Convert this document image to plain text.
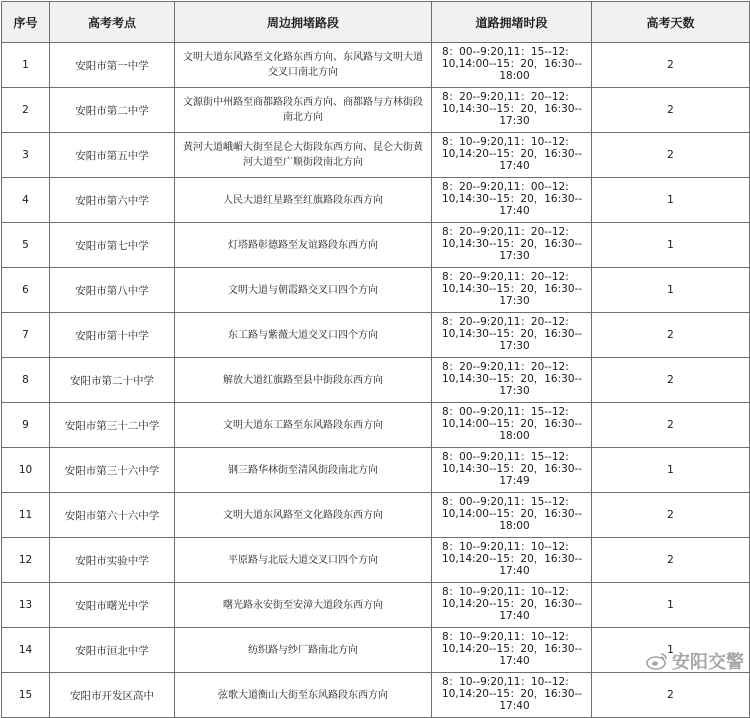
序号	高考考点	周边拥堵路段	道路拥堵时段	高考天数
1	安阳市第一中学	文明大道东风路至文化路东西方向、东风路与文明大道交叉口南北方向	8：00--9:20,11：15--12:
10,14:00--15：20，16:30--
18:00	2
2	安阳市第二中学	文源街中州路至商都路段东西方向、商都路与方林街段南北方向	8：20--9:20,11：20--12:
10,14:30--15：20，16:30--
17:30	2
3	安阳市第五中学	黄河大道峨嵋大街至昆仑大街段东西方向、昆仑大街黄河大道至广顺街段南北方向	8：10--9:20,11：10--12:
10,14:20--15：20，16:30--
17:40	2
4	安阳市第六中学	人民大道红星路至红旗路段东西方向	8：20--9:20,11：00--12:
10,14:30--15：20，16:30--
17:40	1
5	安阳市第七中学	灯塔路彰德路至友谊路段东西方向	8：20--9:20,11：20--12:
10,14:30--15：20，16:30--
17:30	1
6	安阳市第八中学	文明大道与朝霞路交叉口四个方向	8：20--9:20,11：20--12:
10,14:30--15：20，16:30--
17:30	1
7	安阳市第十中学	东工路与紫薇大道交叉口四个方向	8：20--9:20,11：20--12:
10,14:30--15：20，16:30--
17:30	2
8	安阳市第二十中学	解放大道红旗路至县中街段东西方向	8：20--9:20,11：20--12:
10,14:30--15：20，16:30--
17:30	2
9	安阳市第三十二中学	文明大道东工路至东风路段东西方向	8：00--9:20,11：15--12:
10,14:00--15：20，16:30--
18:00	2
10	安阳市第三十六中学	钢三路华林街至清风街段南北方向	8：00--9:20,11：15--12:
10,14:30--15：20，16:30--
17:49	1
11	安阳市第六十六中学	文明大道东风路至文化路段东西方向	8：00--9:20,11：15--12:
10,14:00--15：20，16:30--
18:00	2
12	安阳市实验中学	平原路与北辰大道交叉口四个方向	8：10--9:20,11：10--12:
10,14:20--15：20，16:30--
17:40	2
13	安阳市曙光中学	曙光路永安街至安漳大道段东西方向	8：10--9:20,11：10--12:
10,14:20--15：20，16:30--
17:40	1
14	安阳市洹北中学	纺织路与纱厂路南北方向	8：10--9:20,11：10--12:
10,14:20--15：20，16:30--
17:40	1
15	安阳市开发区高中	弦歌大道衡山大街至东风路段东西方向	8：10--9:20,11：10--12:
10,14:20--15：20，16:30--
17:40	2
安阳交警
